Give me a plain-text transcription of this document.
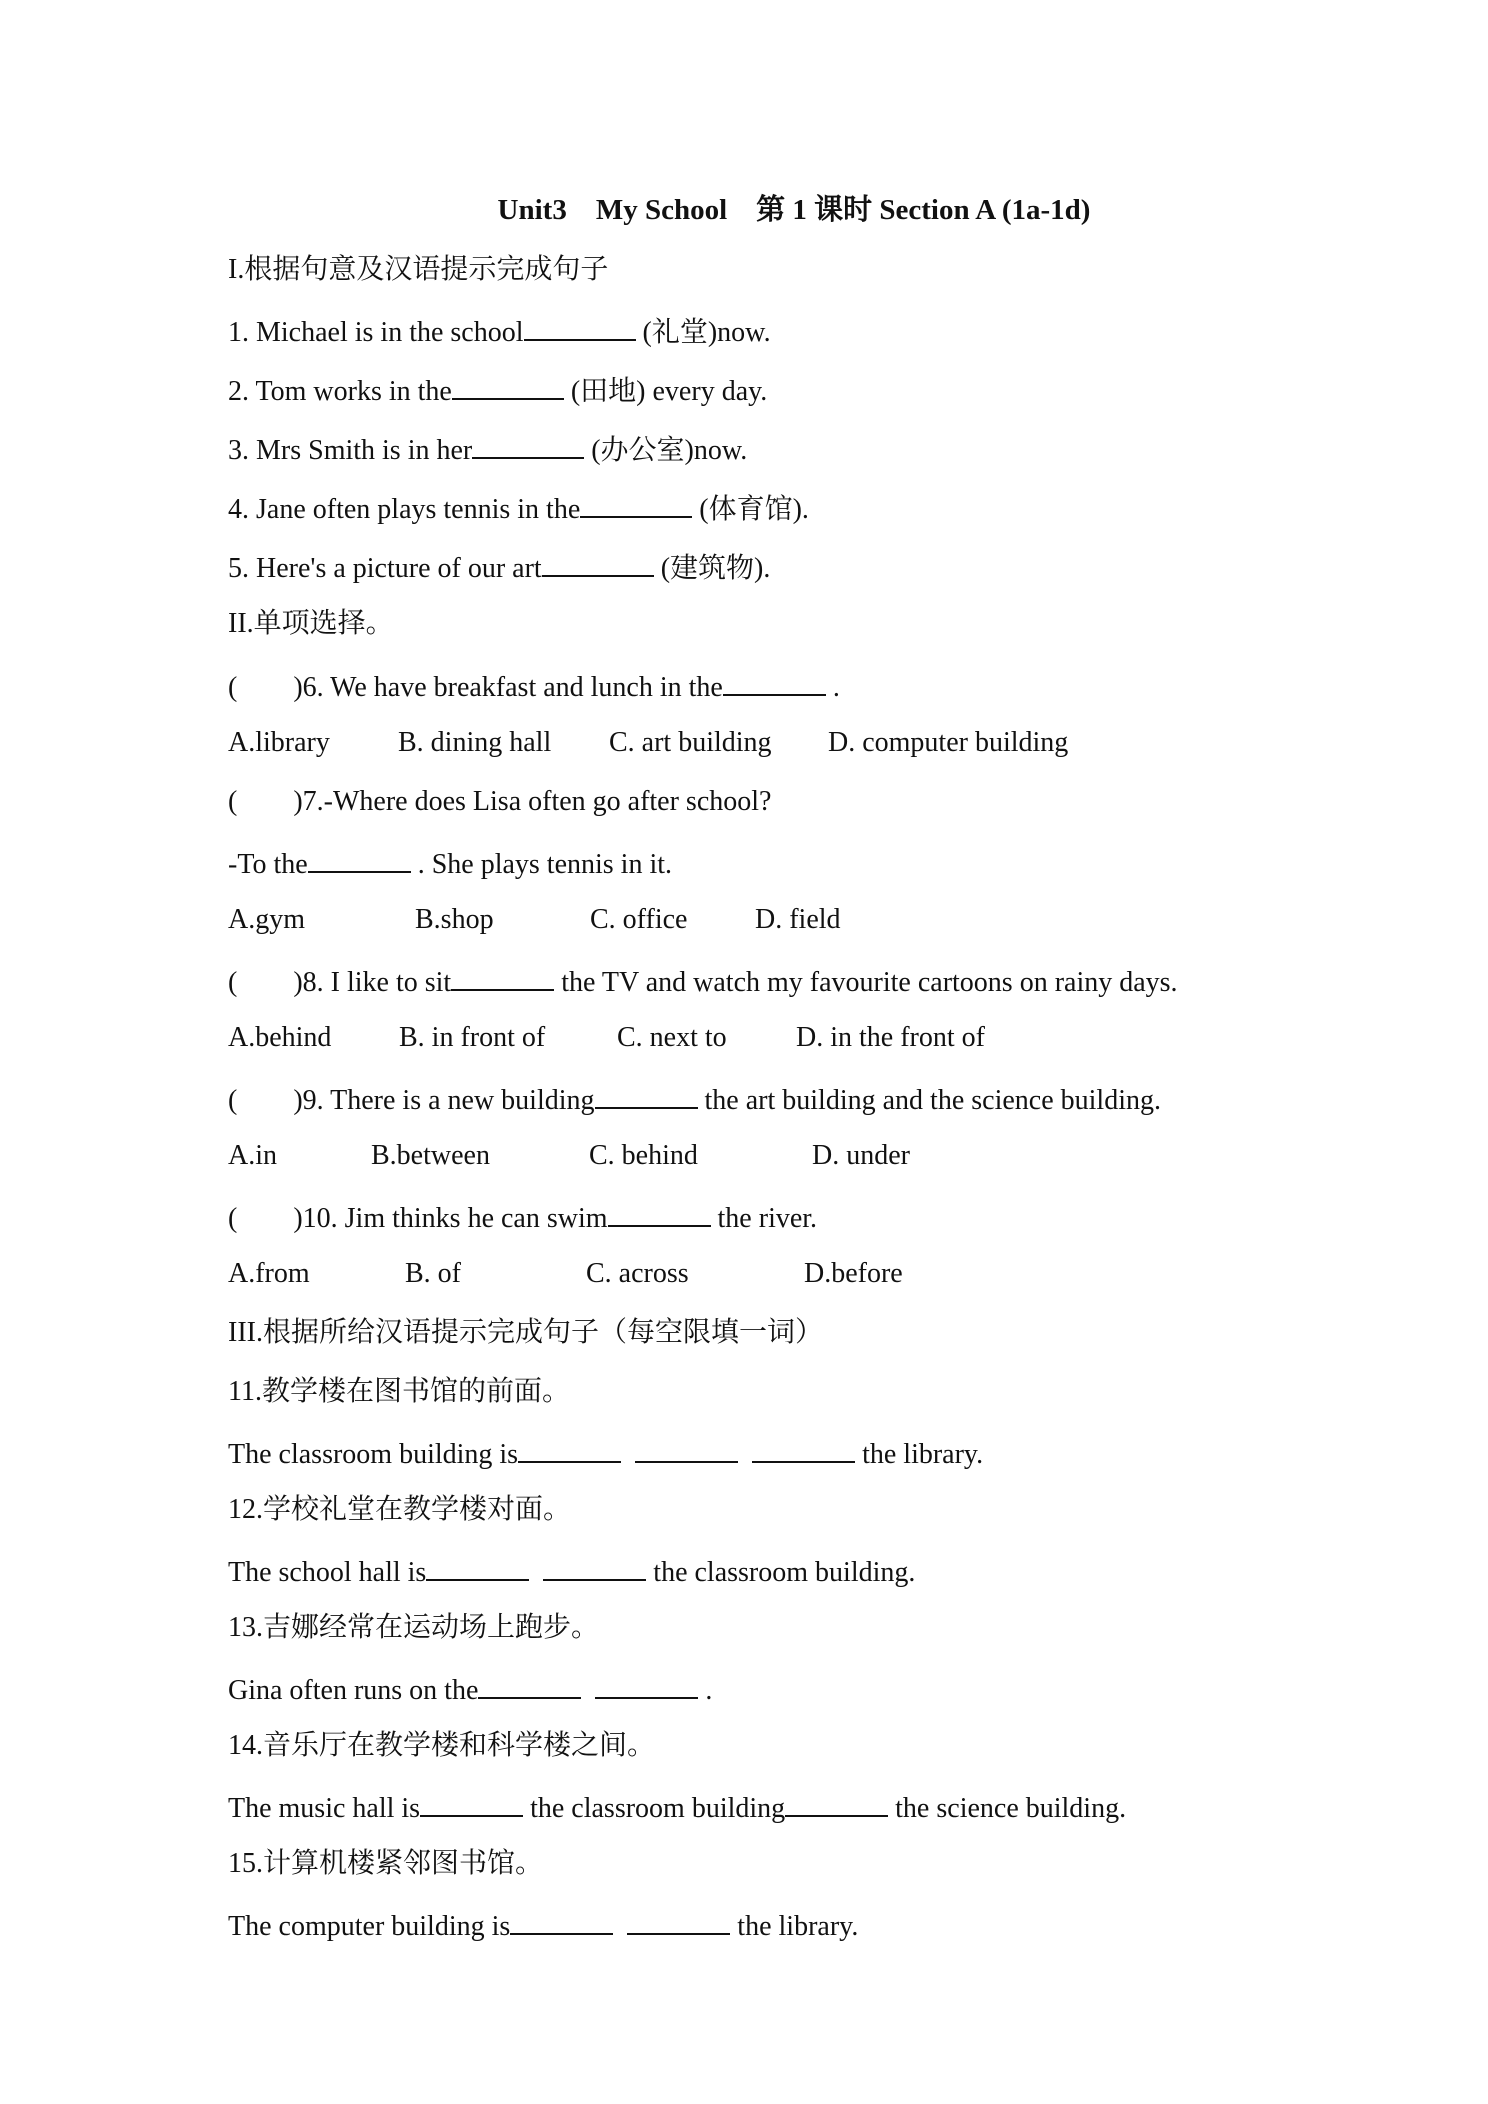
Unit3    My School    第 1 课时 Section A (1a-1d)
I.根据句意及汉语提示完成句子
1. Michael is in the school	(礼堂)now.
2. Tom works in the	(田地) every day.
3. Mrs Smith is in her	(办公室)now.
4. Jane often plays tennis in the	(体育馆).
5. Here's a picture of our art	(建筑物).
II.单项选择。
(        )6. We have breakfast and lunch in the	.
A.library B. dining hall C. art building D. computer building
(        )7.-Where does Lisa often go after school?
-To the	. She plays tennis in it.
A.gym	B.shop	C. office D. field
(        )8. I like to sit	the TV and watch my favourite cartoons on rainy days.
A.behind B. in front of	C. next to D. in the front of
(        )9. There is a new building	the art building and the science building.
A.in	B.between	C. behind	D. under
(        )10. Jim thinks he can swim	the river.
A.from	B. of	C. across	D.before
III.根据所给汉语提示完成句子（每空限填一词）
11.教学楼在图书馆的前面。
The classroom building is	the library.
12.学校礼堂在教学楼对面。
The school hall is	the classroom building.
13.吉娜经常在运动场上跑步。
Gina often runs on the	.
14.音乐厅在教学楼和科学楼之间。
The music hall is	the classroom building	the science building.
15.计算机楼紧邻图书馆。
The computer building is	the library.
